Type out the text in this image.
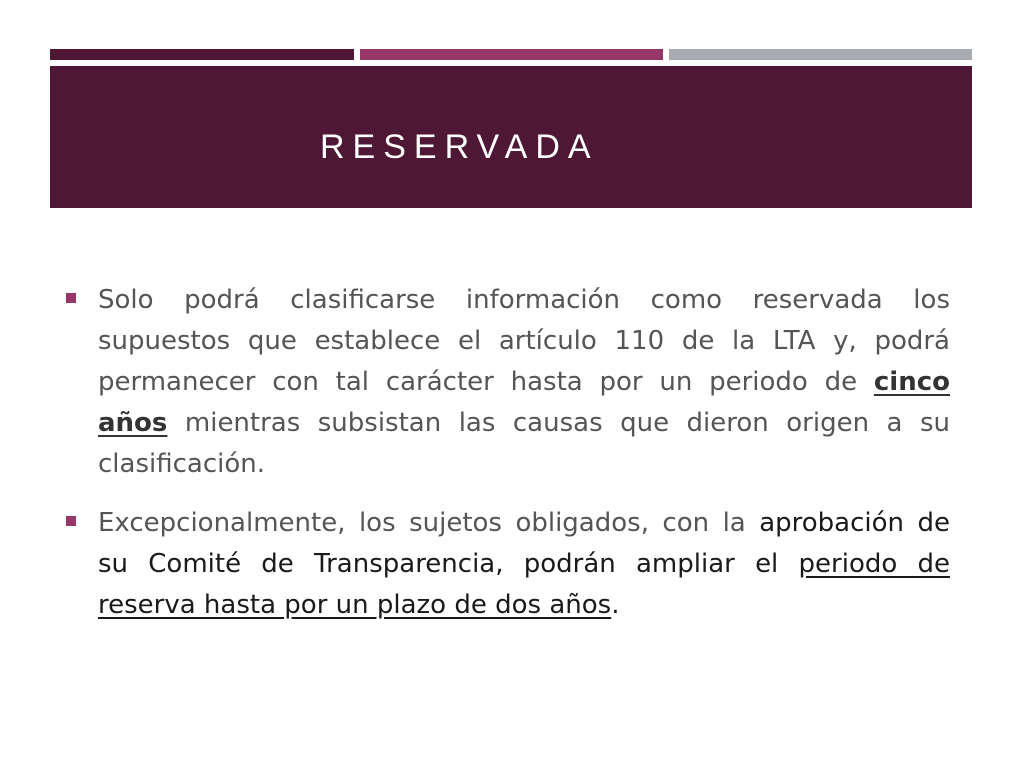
RESERVADA
Solo podrá clasificarse información como reservada los supuestos que establece el artículo 110 de la LTA y, podrá permanecer con tal carácter hasta por un periodo de cinco años mientras subsistan las causas que dieron origen a su clasificación.
Excepcionalmente, los sujetos obligados, con la aprobación de su Comité de Transparencia, podrán ampliar el periodo de reserva hasta por un plazo de dos años.
